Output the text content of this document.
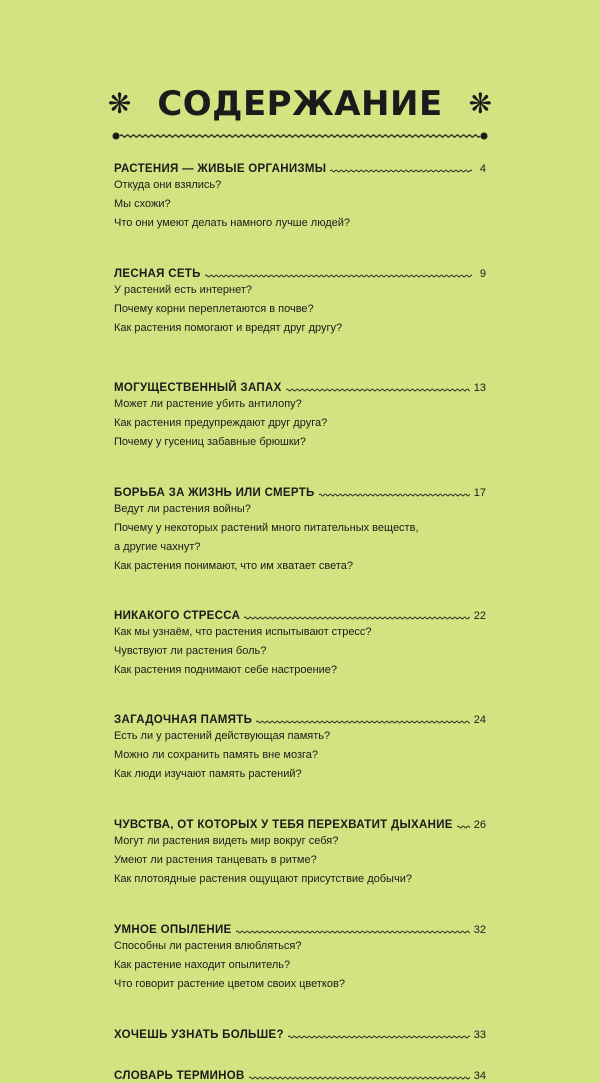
❋ СОДЕРЖАНИЕ ❋
РАСТЕНИЯ — ЖИВЫЕ ОРГАНИЗМЫ	4
Откуда они взялись?
Мы схожи?
Что они умеют делать намного лучше людей?
ЛЕСНАЯ СЕТЬ	9
У растений есть интернет?
Почему корни переплетаются в почве?
Как растения помогают и вредят друг другу?
МОГУЩЕСТВЕННЫЙ ЗАПАХ	13
Может ли растение убить антилопу?
Как растения предупреждают друг друга?
Почему у гусениц забавные брюшки?
БОРЬБА ЗА ЖИЗНЬ ИЛИ СМЕРТЬ	17
Ведут ли растения войны?
Почему у некоторых растений много питательных веществ,
а другие чахнут?
Как растения понимают, что им хватает света?
НИКАКОГО СТРЕССА	22
Как мы узнаём, что растения испытывают стресс?
Чувствуют ли растения боль?
Как растения поднимают себе настроение?
ЗАГАДОЧНАЯ ПАМЯТЬ	24
Есть ли у растений действующая память?
Можно ли сохранить память вне мозга?
Как люди изучают память растений?
ЧУВСТВА, ОТ КОТОРЫХ У ТЕБЯ ПЕРЕХВАТИТ ДЫХАНИЕ 26
Могут ли растения видеть мир вокруг себя?
Умеют ли растения танцевать в ритме?
Как плотоядные растения ощущают присутствие добычи?
УМНОЕ ОПЫЛЕНИЕ	32
Способны ли растения влюбляться?
Как растение находит опылитель?
Что говорит растение цветом своих цветков?
ХОЧЕШЬ УЗНАТЬ БОЛЬШЕ?	33
СЛОВАРЬ ТЕРМИНОВ	34
